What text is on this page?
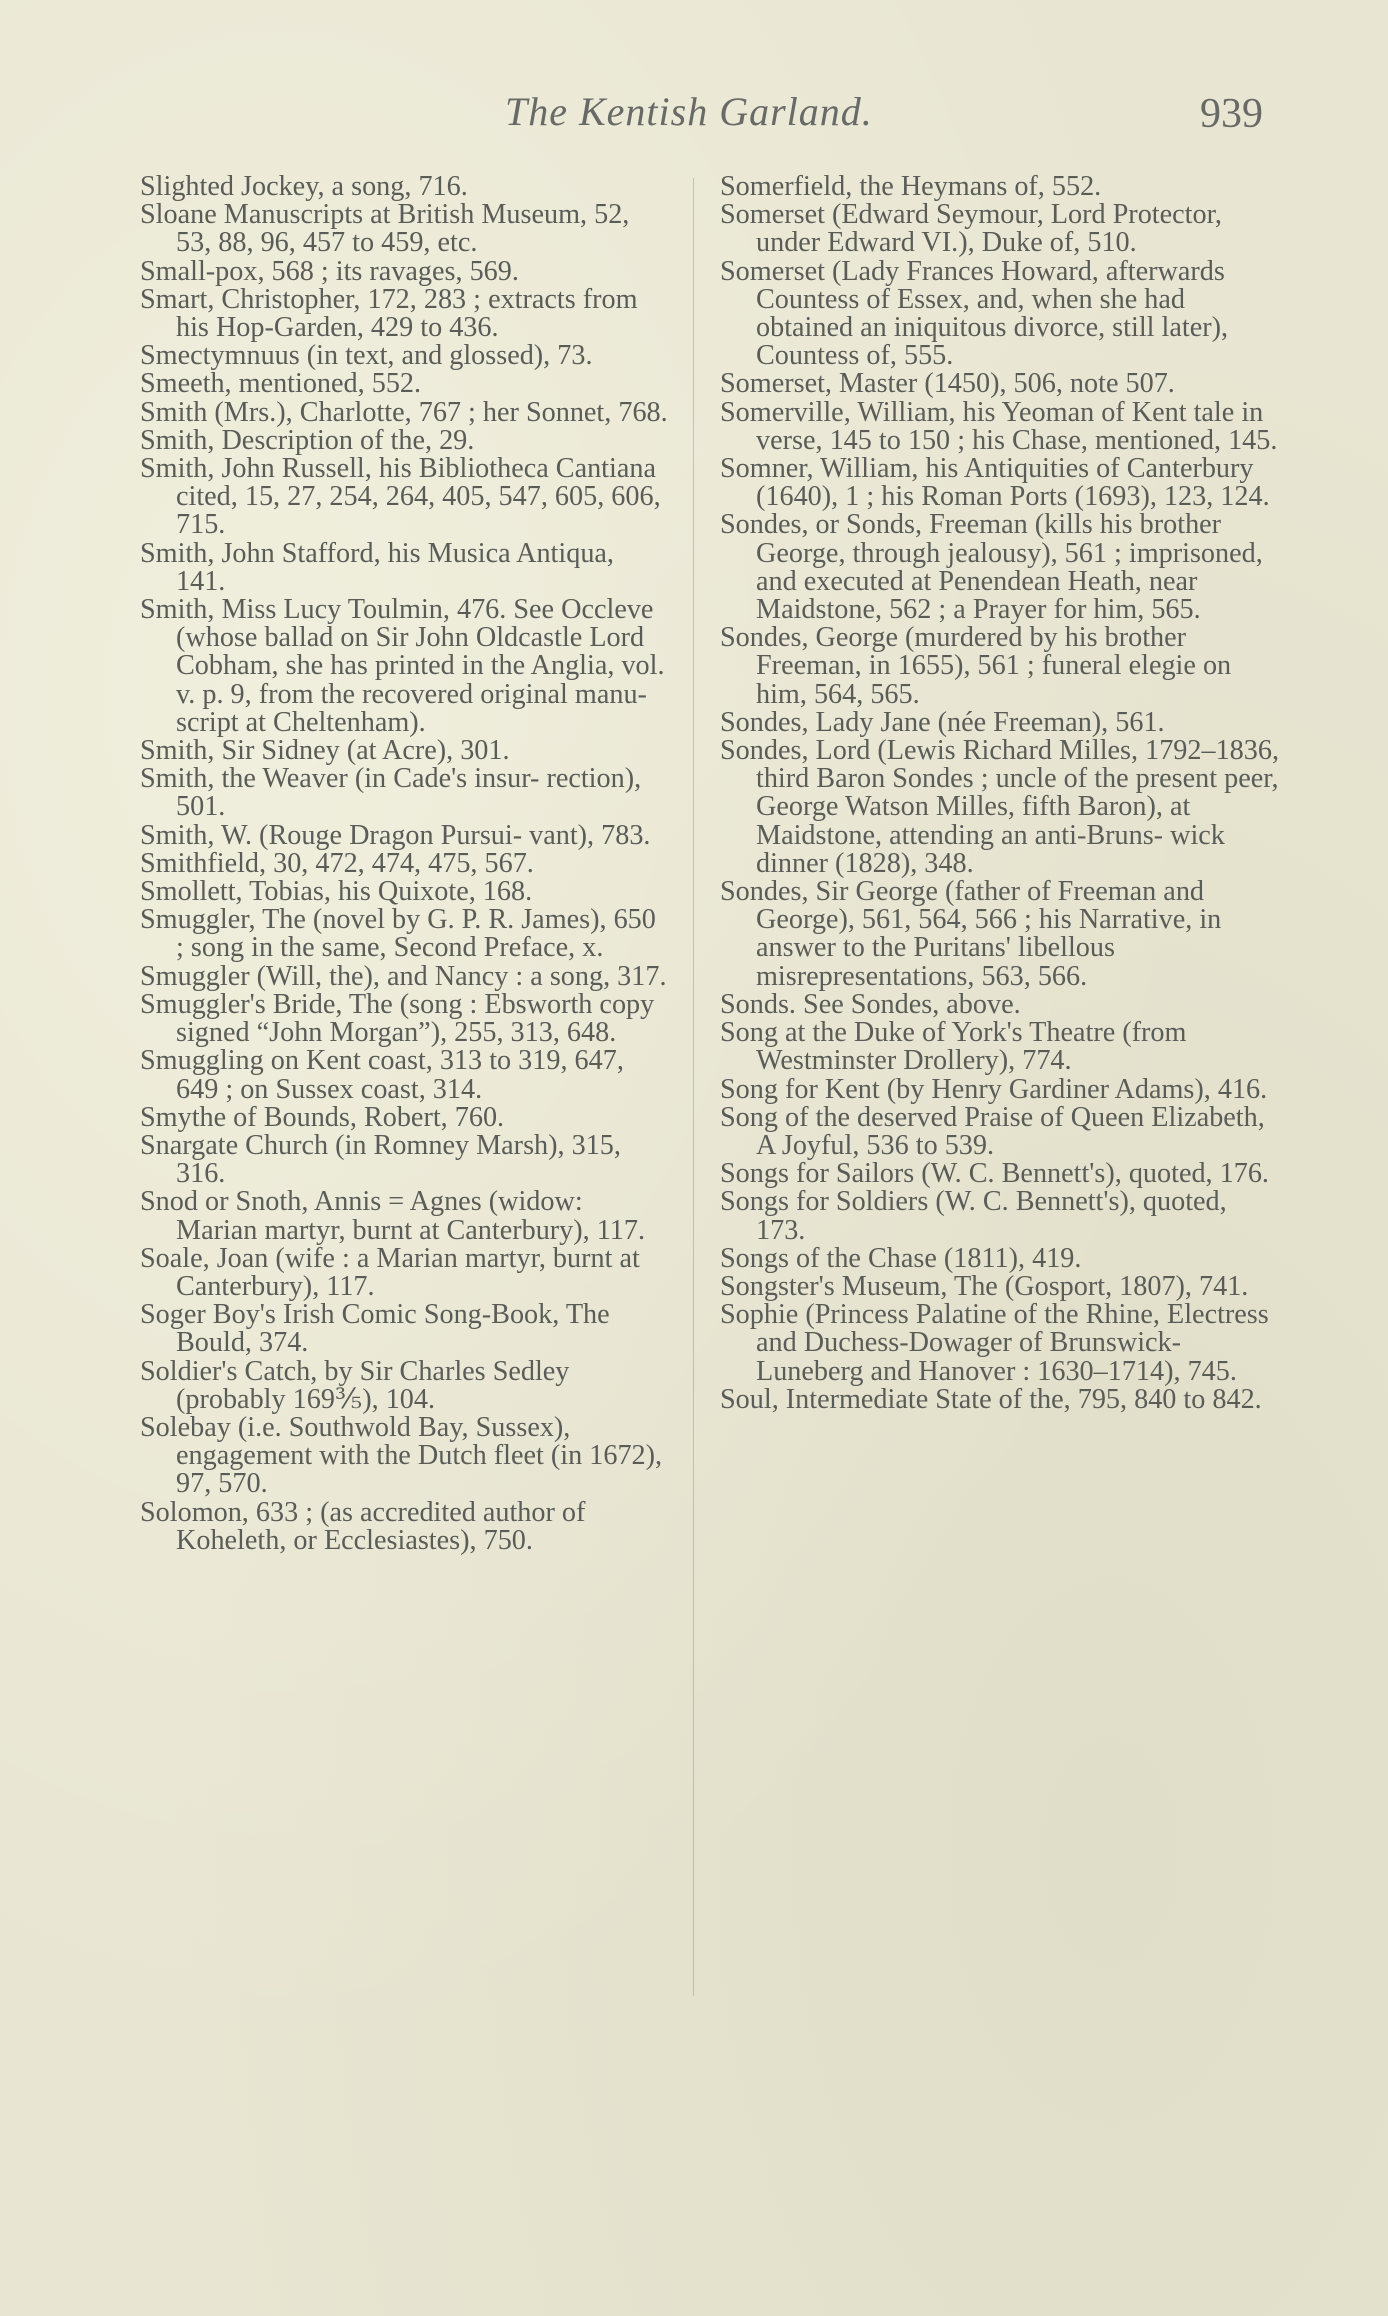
The Kentish Garland.	939

Slighted Jockey, a song, 716.

Sloane Manuscripts at British Museum, 52, 53, 88, 96, 457 to 459, etc.

Small-pox, 568 ; its ravages, 569.

Smart, Christopher, 172, 283 ; extracts from his Hop-Garden, 429 to 436.

Smectymnuus (in text, and glossed), 73.

Smeeth, mentioned, 552.

Smith (Mrs.), Charlotte, 767 ; her Sonnet, 768.

Smith, Description of the, 29.

Smith, John Russell, his Bibliotheca Cantiana cited, 15, 27, 254, 264, 405, 547, 605, 606, 715.

Smith, John Stafford, his Musica Antiqua, 141.

Smith, Miss Lucy Toulmin, 476. See Occleve (whose ballad on Sir John Oldcastle Lord Cobham, she has printed in the Anglia, vol. v. p. 9, from the recovered original manu- script at Cheltenham).

Smith, Sir Sidney (at Acre), 301.

Smith, the Weaver (in Cade's insur- rection), 501.

Smith, W. (Rouge Dragon Pursui- vant), 783.

Smithfield, 30, 472, 474, 475, 567.

Smollett, Tobias, his Quixote, 168.

Smuggler, The (novel by G. P. R. James), 650 ; song in the same, Second Preface, x.

Smuggler (Will, the), and Nancy : a song, 317.

Smuggler's Bride, The (song : Ebsworth copy signed “John Morgan”), 255, 313, 648.

Smuggling on Kent coast, 313 to 319, 647, 649 ; on Sussex coast, 314.

Smythe of Bounds, Robert, 760.

Snargate Church (in Romney Marsh), 315, 316.

Snod or Snoth, Annis = Agnes (widow: Marian martyr, burnt at Canterbury), 117.

Soale, Joan (wife : a Marian martyr, burnt at Canterbury), 117.

Soger Boy's Irish Comic Song-Book, The Bould, 374.

Soldier's Catch, by Sir Charles Sedley (probably 169⅗), 104.

Solebay (i.e. Southwold Bay, Sussex), engagement with the Dutch fleet (in 1672), 97, 570.

Solomon, 633 ; (as accredited author of Koheleth, or Ecclesiastes), 750.

Somerfield, the Heymans of, 552.

Somerset (Edward Seymour, Lord Protector, under Edward VI.), Duke of, 510.

Somerset (Lady Frances Howard, afterwards Countess of Essex, and, when she had obtained an iniquitous divorce, still later), Countess of, 555.

Somerset, Master (1450), 506, note 507.

Somerville, William, his Yeoman of Kent tale in verse, 145 to 150 ; his Chase, mentioned, 145.

Somner, William, his Antiquities of Canterbury (1640), 1 ; his Roman Ports (1693), 123, 124.

Sondes, or Sonds, Freeman (kills his brother George, through jealousy), 561 ; imprisoned, and executed at Penendean Heath, near Maidstone, 562 ; a Prayer for him, 565.

Sondes, George (murdered by his brother Freeman, in 1655), 561 ; funeral elegie on him, 564, 565.

Sondes, Lady Jane (née Freeman), 561.

Sondes, Lord (Lewis Richard Milles, 1792–1836, third Baron Sondes ; uncle of the present peer, George Watson Milles, fifth Baron), at Maidstone, attending an anti-Bruns- wick dinner (1828), 348.

Sondes, Sir George (father of Freeman and George), 561, 564, 566 ; his Narrative, in answer to the Puritans' libellous misrepresentations, 563, 566.

Sonds. See Sondes, above.

Song at the Duke of York's Theatre (from Westminster Drollery), 774.

Song for Kent (by Henry Gardiner Adams), 416.

Song of the deserved Praise of Queen Elizabeth, A Joyful, 536 to 539.

Songs for Sailors (W. C. Bennett's), quoted, 176.

Songs for Soldiers (W. C. Bennett's), quoted, 173.

Songs of the Chase (1811), 419.

Songster's Museum, The (Gosport, 1807), 741.

Sophie (Princess Palatine of the Rhine, Electress and Duchess-Dowager of Brunswick-Luneberg and Hanover : 1630–1714), 745.

Soul, Intermediate State of the, 795, 840 to 842.
